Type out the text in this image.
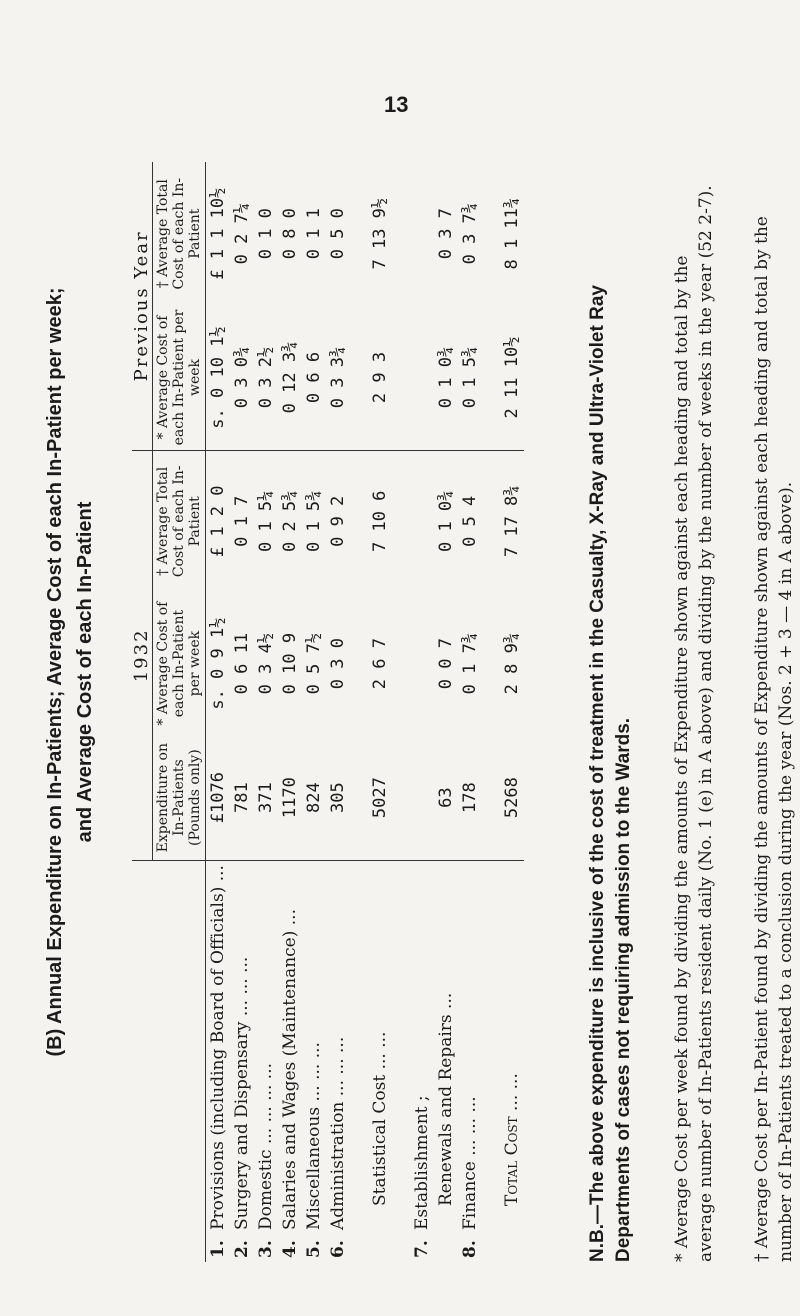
13
(B) Annual Expenditure on In-Patients; Average Cost of each In-Patient per week; and Average Cost of each In-Patient
	1932			Previous Year	
	Expenditure on In-Patients (Pounds only)	* Average Cost of each In-Patient per week	† Average Total Cost of each In-Patient	* Average Cost of each In-Patient per week	† Average Total Cost of each In-Patient
1.Provisions (including Board of Officials) ...	£1076	s. 0 9 1½	£ 1 2 0	s. 0 10 1½	£ 1 1 10½
2.Surgery and Dispensary ... ... ...	781	0 6 11	0 1 7	0 3 0¾	0 2 7¼
3.Domestic ... ... ... ...	371	0 3 4½	0 1 5¼	0 3 2½	0 1 0
4.Salaries and Wages (Maintenance) ...	1170	0 10 9	0 2 5¾	0 12 3¾	0 8 0
5.Miscellaneous ... ... ...	824	0 5 7½	0 1 5¾	0 6 6	0 1 1
6.Administration ... ... ...	305	0 3 0	0 9 2	0 3 3¾	0 5 0

Statistical Cost ... ...	5027	2 6 7	7 10 6	2 9 3	7 13 9½

7.Establishment ;					
Renewals and Repairs ...	63	0 0 7	0 1 0¾	0 1 0¾	0 3 7
8.Finance ... ... ...	178	0 1 7¾	0 5 4	0 1 5¾	0 3 7¾

Total Cost ... ...	5268	2 8 9¾	7 17 8¾	2 11 10½	8 1 11¾
N.B.—The above expenditure is inclusive of the cost of treatment in the Casualty, X-Ray and Ultra-Violet Ray Departments of cases not requiring admission to the Wards. * Average Cost per week found by dividing the amounts of Expenditure shown against each heading and total by the average number of In-Patients resident daily (No. 1 (e) in A above) and dividing by the number of weeks in the year (52 2-7). † Average Cost per In-Patient found by dividing the amounts of Expenditure shown against each heading and total by the number of In-Patients treated to a conclusion during the year (Nos. 2 + 3 — 4 in A above).
